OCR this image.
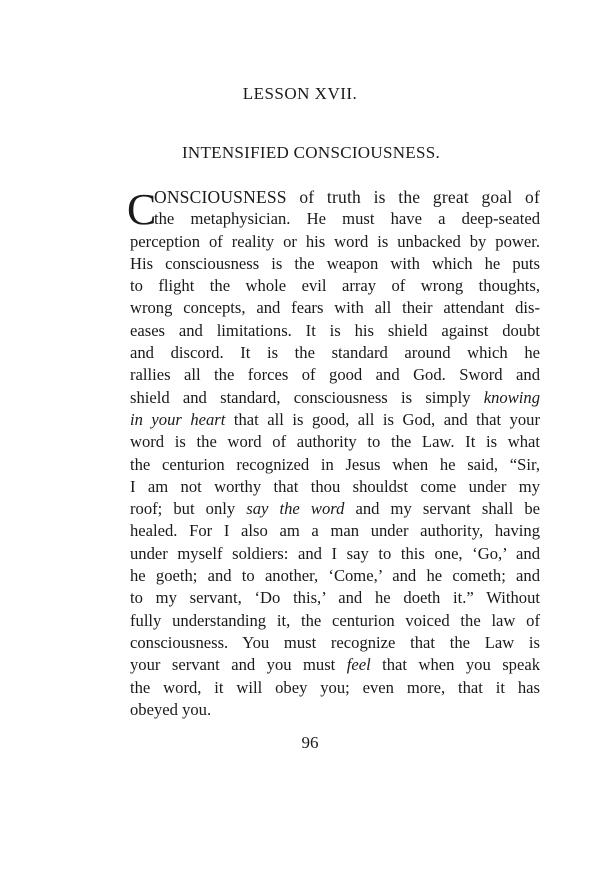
LESSON XVII.
INTENSIFIED CONSCIOUSNESS.
C
ONSCIOUSNESS of truth is the great goal of
the metaphysician. He must have a deep-seated
perception of reality or his word is unbacked by power.
His consciousness is the weapon with which he puts
to flight the whole evil array of wrong thoughts,
wrong concepts, and fears with all their attendant dis-
eases and limitations. It is his shield against doubt
and discord. It is the standard around which he
rallies all the forces of good and God. Sword and
shield and standard, consciousness is simply knowing
in your heart that all is good, all is God, and that your
word is the word of authority to the Law. It is what
the centurion recognized in Jesus when he said, “Sir,
I am not worthy that thou shouldst come under my
roof; but only say the word and my servant shall be
healed. For I also am a man under authority, having
under myself soldiers: and I say to this one, ‘Go,’ and
he goeth; and to another, ‘Come,’ and he cometh; and
to my servant, ‘Do this,’ and he doeth it.” Without
fully understanding it, the centurion voiced the law of
consciousness. You must recognize that the Law is
your servant and you must feel that when you speak
the word, it will obey you; even more, that it has
obeyed you.
96
